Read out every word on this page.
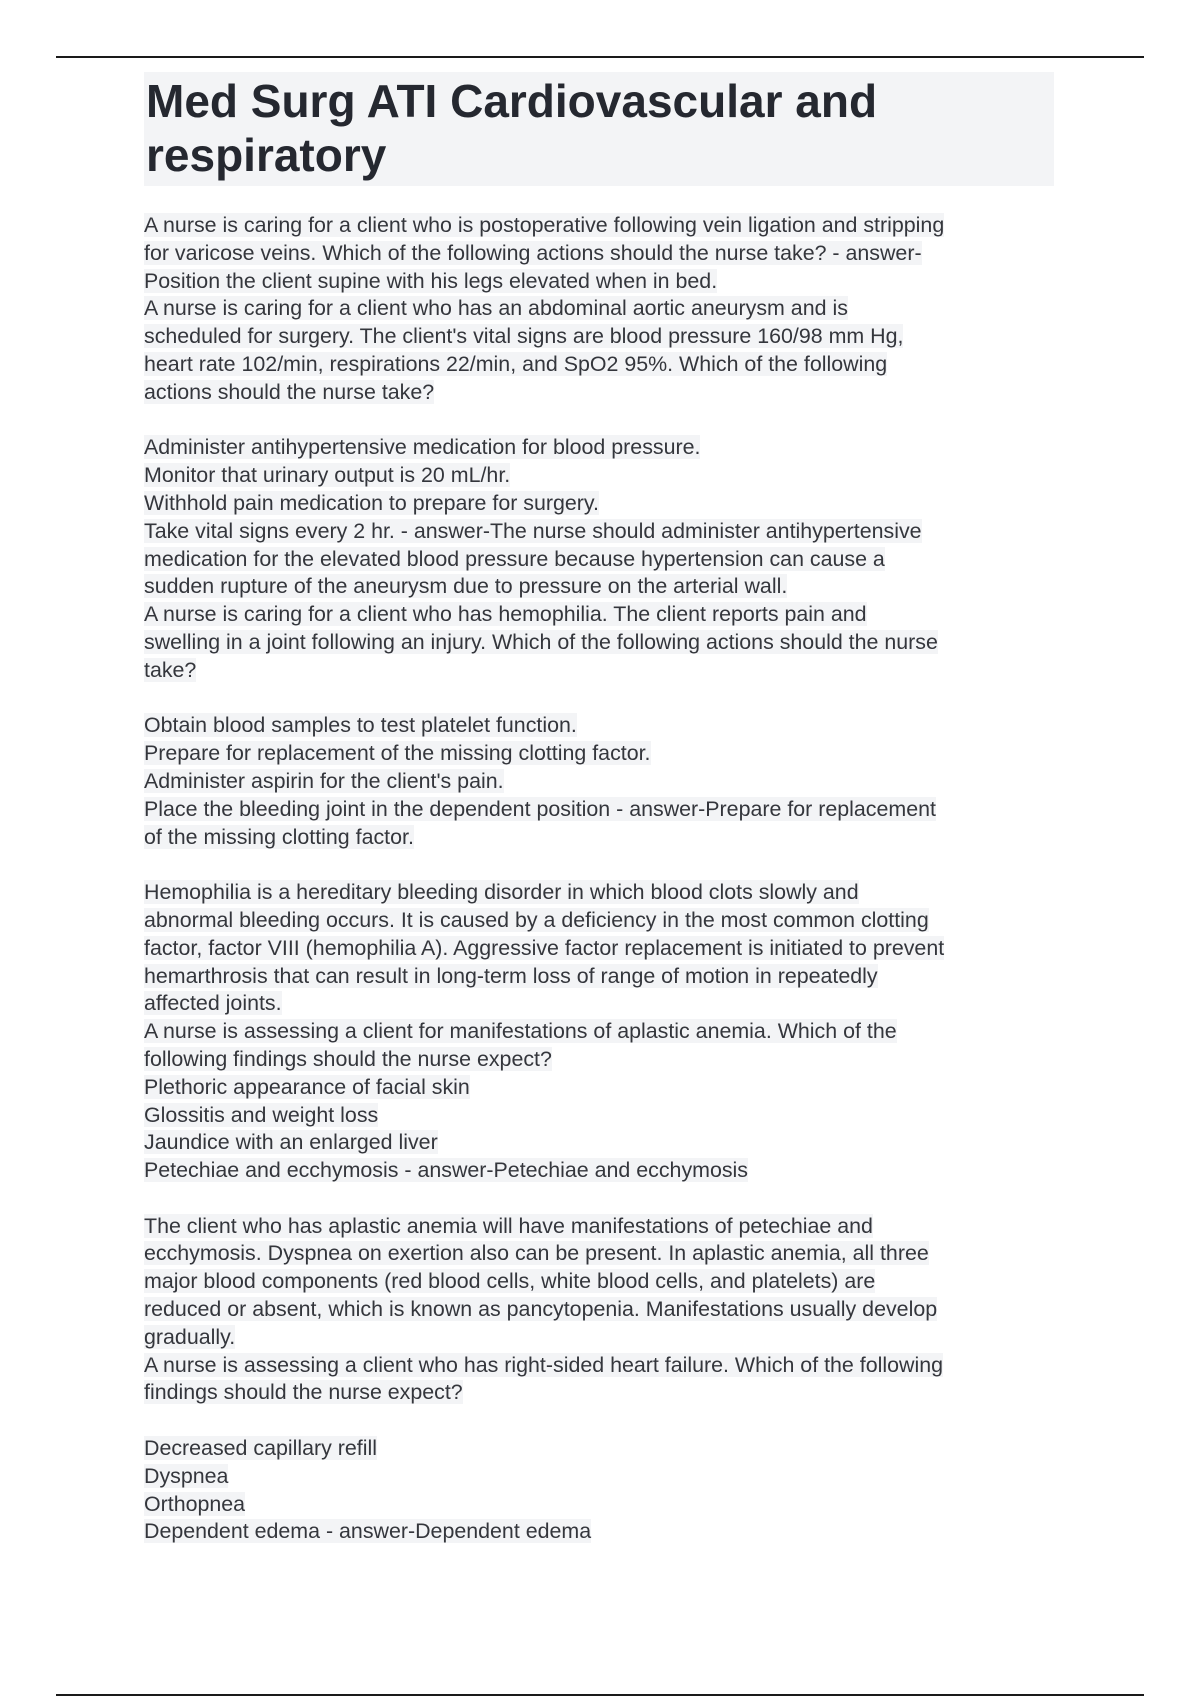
Med Surg ATI Cardiovascular and
respiratory
A nurse is caring for a client who is postoperative following vein ligation and stripping
for varicose veins. Which of the following actions should the nurse take? - answer-
Position the client supine with his legs elevated when in bed.
A nurse is caring for a client who has an abdominal aortic aneurysm and is
scheduled for surgery. The client's vital signs are blood pressure 160/98 mm Hg,
heart rate 102/min, respirations 22/min, and SpO2 95%. Which of the following
actions should the nurse take?
Administer antihypertensive medication for blood pressure.
Monitor that urinary output is 20 mL/hr.
Withhold pain medication to prepare for surgery.
Take vital signs every 2 hr. - answer-The nurse should administer antihypertensive
medication for the elevated blood pressure because hypertension can cause a
sudden rupture of the aneurysm due to pressure on the arterial wall.
A nurse is caring for a client who has hemophilia. The client reports pain and
swelling in a joint following an injury. Which of the following actions should the nurse
take?
Obtain blood samples to test platelet function.
Prepare for replacement of the missing clotting factor.
Administer aspirin for the client's pain.
Place the bleeding joint in the dependent position - answer-Prepare for replacement
of the missing clotting factor.
Hemophilia is a hereditary bleeding disorder in which blood clots slowly and
abnormal bleeding occurs. It is caused by a deficiency in the most common clotting
factor, factor VIII (hemophilia A). Aggressive factor replacement is initiated to prevent
hemarthrosis that can result in long-term loss of range of motion in repeatedly
affected joints.
A nurse is assessing a client for manifestations of aplastic anemia. Which of the
following findings should the nurse expect?
Plethoric appearance of facial skin
Glossitis and weight loss
Jaundice with an enlarged liver
Petechiae and ecchymosis - answer-Petechiae and ecchymosis
The client who has aplastic anemia will have manifestations of petechiae and
ecchymosis. Dyspnea on exertion also can be present. In aplastic anemia, all three
major blood components (red blood cells, white blood cells, and platelets) are
reduced or absent, which is known as pancytopenia. Manifestations usually develop
gradually.
A nurse is assessing a client who has right-sided heart failure. Which of the following
findings should the nurse expect?
Decreased capillary refill
Dyspnea
Orthopnea
Dependent edema - answer-Dependent edema
